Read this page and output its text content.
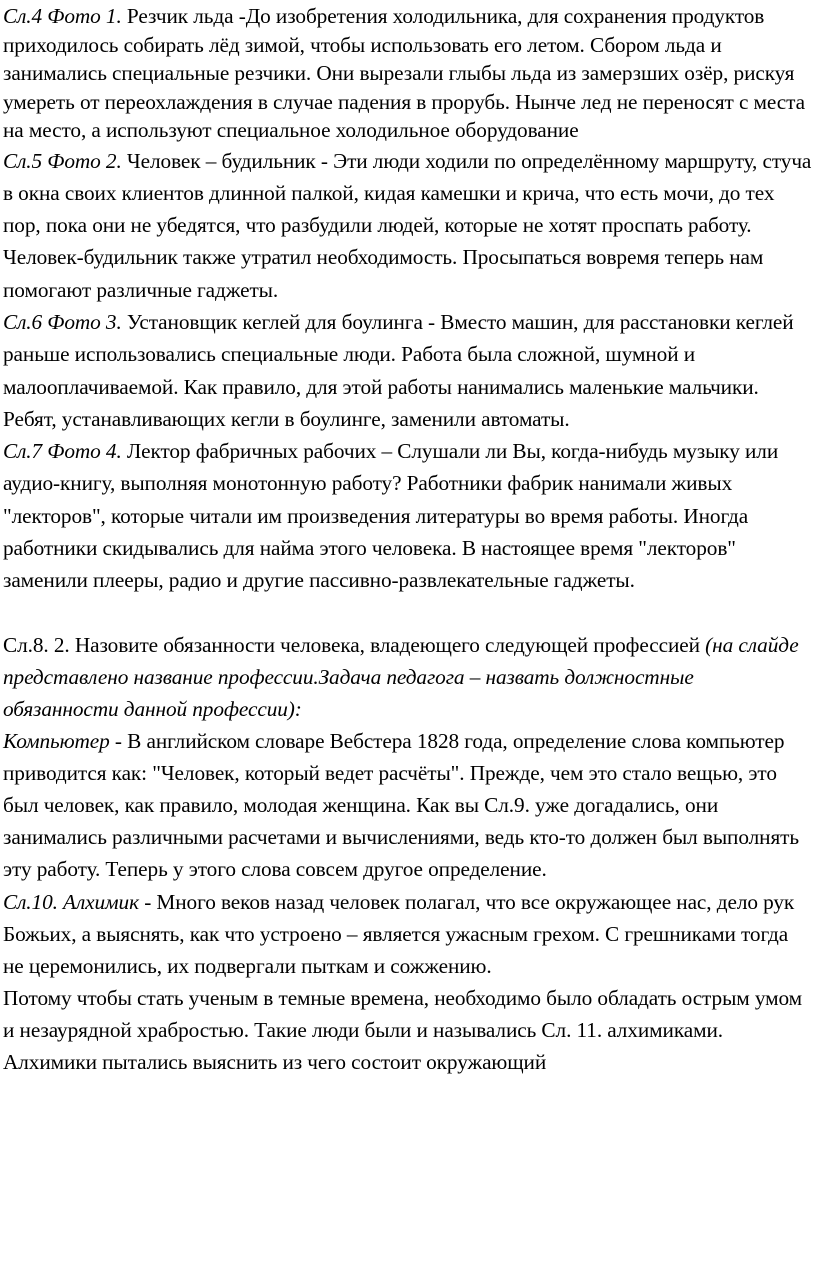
Сл.4 Фото 1. Резчик льда -До изобретения холодильника, для сохранения продуктов приходилось собирать лёд зимой, чтобы использовать его летом. Сбором льда и занимались специальные резчики. Они вырезали глыбы льда из замерзших озёр, рискуя умереть от переохлаждения в случае падения в прорубь. Нынче лед не переносят с места на место, а используют специальное холодильное оборудование

Сл.5 Фото 2. Человек – будильник - Эти люди ходили по определённому маршруту, стуча в окна своих клиентов длинной палкой, кидая камешки и крича, что есть мочи, до тех пор, пока они не убедятся, что разбудили людей, которые не хотят проспать работу. Человек-будильник также утратил необходимость. Просыпаться вовремя теперь нам помогают различные гаджеты.

Сл.6 Фото 3. Установщик кеглей для боулинга - Вместо машин, для расстановки кеглей раньше использовались специальные люди. Работа была сложной, шумной и малооплачиваемой. Как правило, для этой работы нанимались маленькие мальчики. Ребят, устанавливающих кегли в боулинге, заменили автоматы.

Сл.7 Фото 4. Лектор фабричных рабочих – Слушали ли Вы, когда-нибудь музыку или аудио-книгу, выполняя монотонную работу? Работники фабрик нанимали живых "лекторов", которые читали им произведения литературы во время работы. Иногда работники скидывались для найма этого человека. В настоящее время "лекторов" заменили плееры, радио и другие пассивно-развлекательные гаджеты.

Сл.8. 2. Назовите обязанности человека, владеющего следующей профессией (на слайде представлено название профессии.Задача педагога – назвать должностные обязанности данной профессии):

Компьютер - В английском словаре Вебстера 1828 года, определение слова компьютер приводится как: "Человек, который ведет расчёты". Прежде, чем это стало вещью, это был человек, как правило, молодая женщина. Как вы Сл.9. уже догадались, они занимались различными расчетами и вычислениями, ведь кто-то должен был выполнять эту работу. Теперь у этого слова совсем другое определение.

Сл.10. Алхимик - Много веков назад человек полагал, что все окружающее нас, дело рук Божьих, а выяснять, как что устроено – является ужасным грехом. С грешниками тогда не церемонились, их подвергали пыткам и сожжению.

Потому чтобы стать ученым в темные времена, необходимо было обладать острым умом и незаурядной храбростью. Такие люди были и назывались Сл. 11. алхимиками. Алхимики пытались выяснить из чего состоит окружающий
